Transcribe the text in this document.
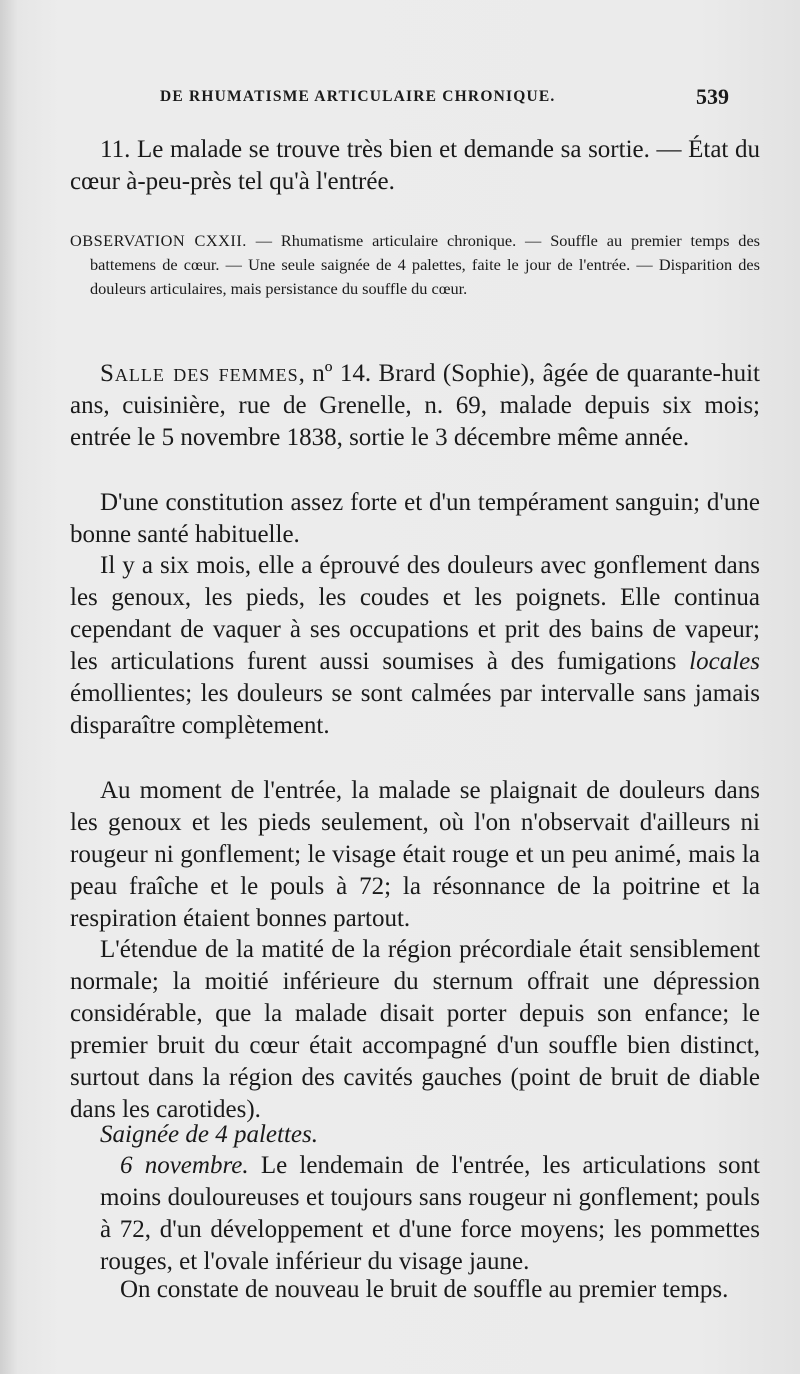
DE RHUMATISME ARTICULAIRE CHRONIQUE.	539

11. Le malade se trouve très bien et demande sa sortie. — État du cœur à-peu-près tel qu'à l'entrée.

OBSERVATION CXXII. — Rhumatisme articulaire chronique. — Souffle au premier temps des battemens de cœur. — Une seule saignée de 4 palettes, faite le jour de l'entrée. — Disparition des douleurs articulaires, mais persistance du souffle du cœur.

Salle des femmes, nº 14. Brard (Sophie), âgée de quarante-huit ans, cuisinière, rue de Grenelle, n. 69, malade depuis six mois; entrée le 5 novembre 1838, sortie le 3 décembre même année.

D'une constitution assez forte et d'un tempérament sanguin; d'une bonne santé habituelle.

Il y a six mois, elle a éprouvé des douleurs avec gonflement dans les genoux, les pieds, les coudes et les poignets. Elle continua cependant de vaquer à ses occupations et prit des bains de vapeur; les articulations furent aussi soumises à des fumigations locales émollientes; les douleurs se sont calmées par intervalle sans jamais disparaître complètement.

Au moment de l'entrée, la malade se plaignait de douleurs dans les genoux et les pieds seulement, où l'on n'observait d'ailleurs ni rougeur ni gonflement; le visage était rouge et un peu animé, mais la peau fraîche et le pouls à 72; la résonnance de la poitrine et la respiration étaient bonnes partout.

L'étendue de la matité de la région précordiale était sensiblement normale; la moitié inférieure du sternum offrait une dépression considérable, que la malade disait porter depuis son enfance; le premier bruit du cœur était accompagné d'un souffle bien distinct, surtout dans la région des cavités gauches (point de bruit de diable dans les carotides).

Saignée de 4 palettes.

6 novembre. Le lendemain de l'entrée, les articulations sont moins douloureuses et toujours sans rougeur ni gonflement; pouls à 72, d'un développement et d'une force moyens; les pommettes rouges, et l'ovale inférieur du visage jaune.

On constate de nouveau le bruit de souffle au premier temps.
